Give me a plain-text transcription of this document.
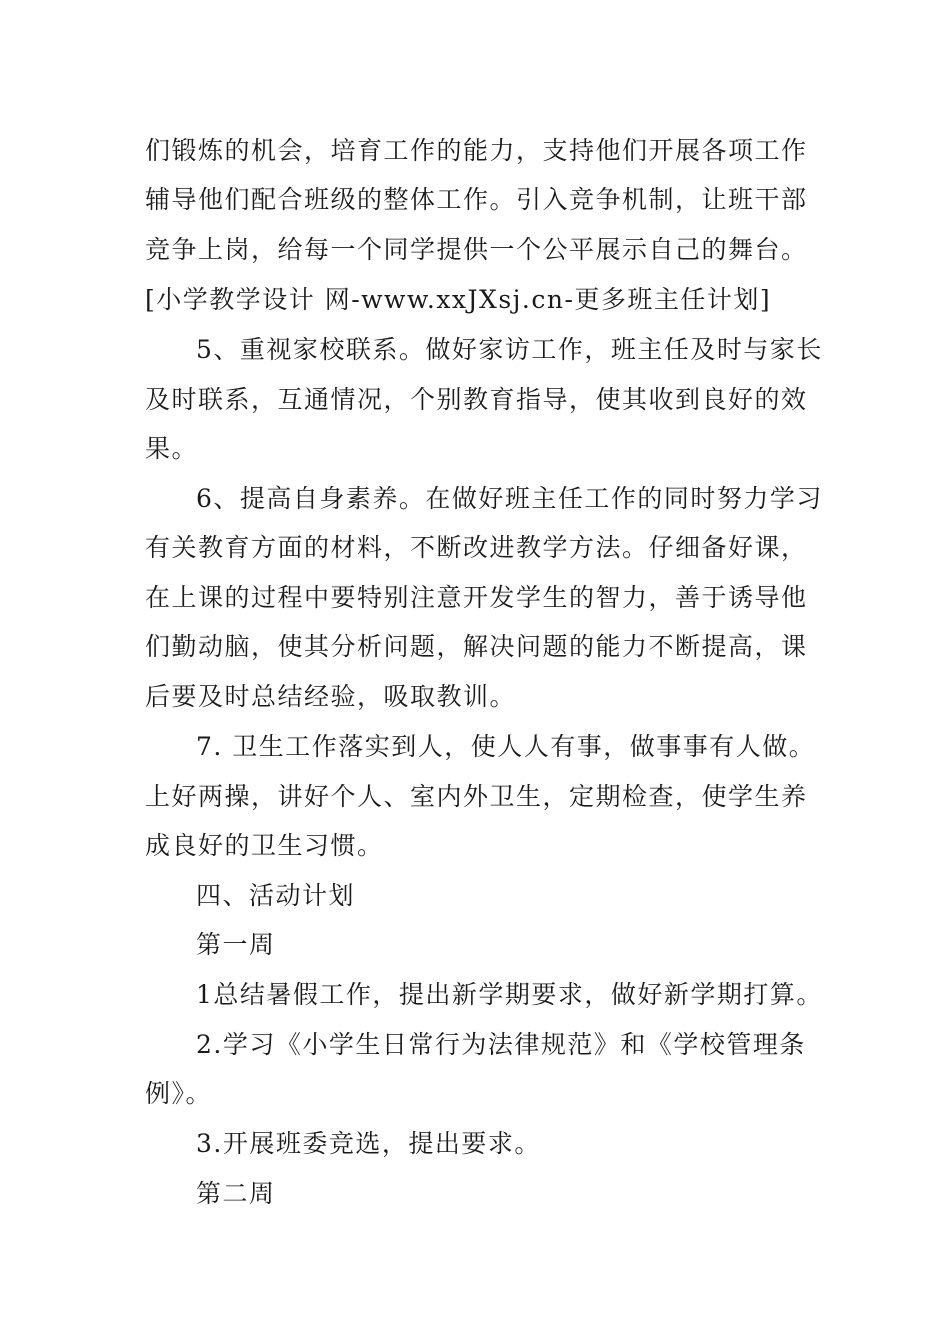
们锻炼的机会，培育工作的能力，支持他们开展各项工作

辅导他们配合班级的整体工作。引入竞争机制，让班干部

竞争上岗，给每一个同学提供一个公平展示自己的舞台。

[小学教学设计 网-www.xxJXsj.cn-更多班主任计划]

5、重视家校联系。做好家访工作，班主任及时与家长

及时联系，互通情况，个别教育指导，使其收到良好的效

果。

6、提高自身素养。在做好班主任工作的同时努力学习

有关教育方面的材料，不断改进教学方法。仔细备好课，

在上课的过程中要特别注意开发学生的智力，善于诱导他

们勤动脑，使其分析问题，解决问题的能力不断提高，课

后要及时总结经验，吸取教训。

7. 卫生工作落实到人，使人人有事，做事事有人做。

上好两操，讲好个人、室内外卫生，定期检查，使学生养

成良好的卫生习惯。

四、活动计划

第一周

1总结暑假工作，提出新学期要求，做好新学期打算。

2.学习《小学生日常行为法律规范》和《学校管理条

例》。

3.开展班委竞选，提出要求。

第二周
